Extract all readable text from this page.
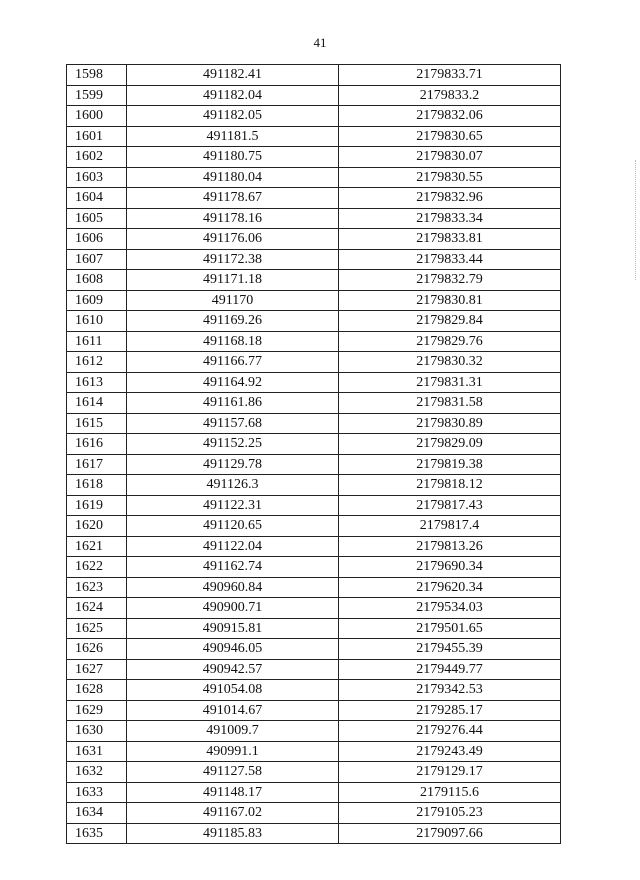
41
1598	491182.41	2179833.71
1599	491182.04	2179833.2
1600	491182.05	2179832.06
1601	491181.5	2179830.65
1602	491180.75	2179830.07
1603	491180.04	2179830.55
1604	491178.67	2179832.96
1605	491178.16	2179833.34
1606	491176.06	2179833.81
1607	491172.38	2179833.44
1608	491171.18	2179832.79
1609	491170	2179830.81
1610	491169.26	2179829.84
1611	491168.18	2179829.76
1612	491166.77	2179830.32
1613	491164.92	2179831.31
1614	491161.86	2179831.58
1615	491157.68	2179830.89
1616	491152.25	2179829.09
1617	491129.78	2179819.38
1618	491126.3	2179818.12
1619	491122.31	2179817.43
1620	491120.65	2179817.4
1621	491122.04	2179813.26
1622	491162.74	2179690.34
1623	490960.84	2179620.34
1624	490900.71	2179534.03
1625	490915.81	2179501.65
1626	490946.05	2179455.39
1627	490942.57	2179449.77
1628	491054.08	2179342.53
1629	491014.67	2179285.17
1630	491009.7	2179276.44
1631	490991.1	2179243.49
1632	491127.58	2179129.17
1633	491148.17	2179115.6
1634	491167.02	2179105.23
1635	491185.83	2179097.66
